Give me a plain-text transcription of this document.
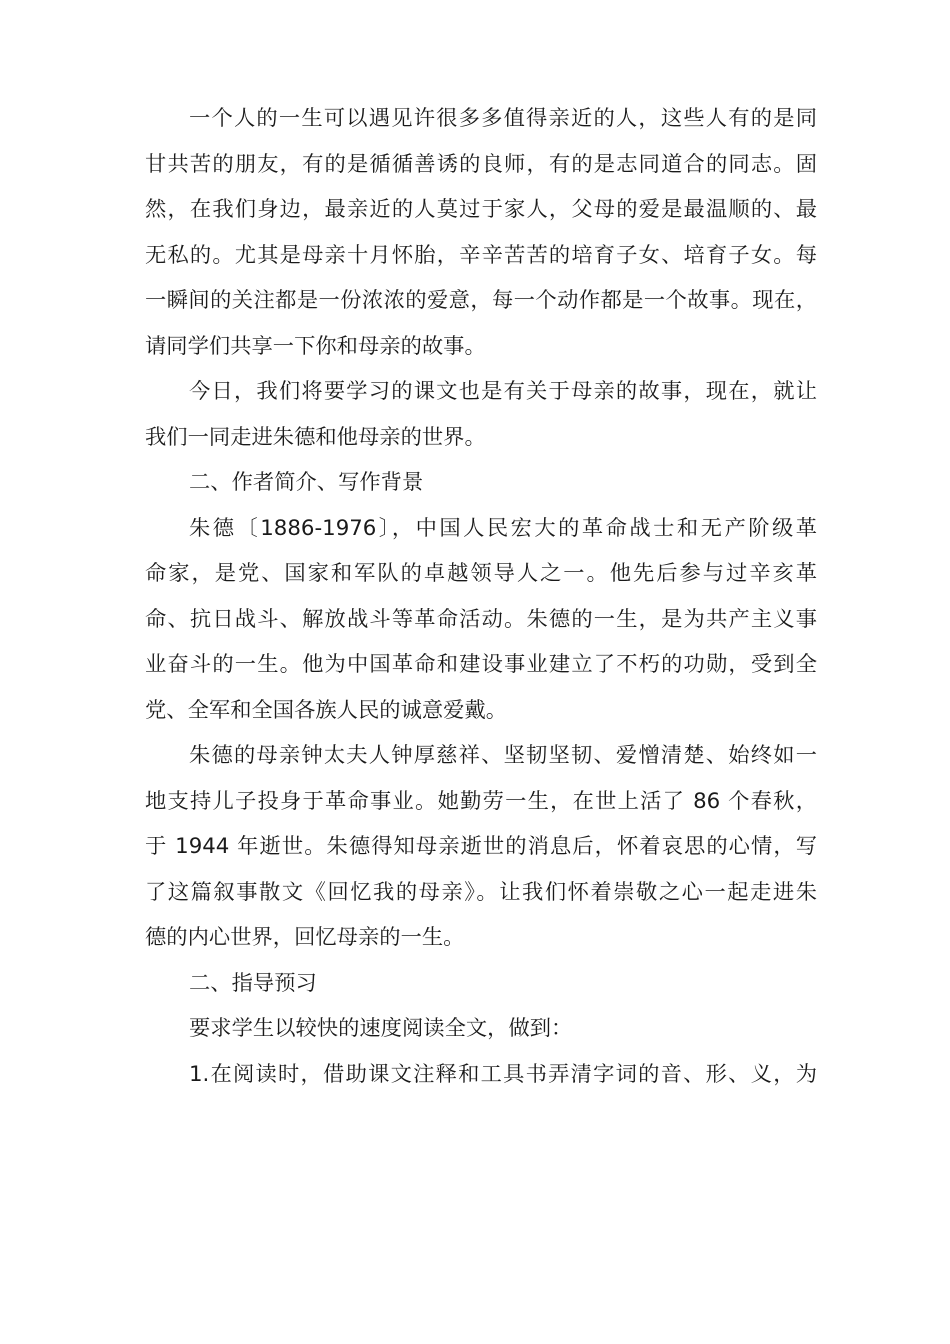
一个人的一生可以遇见许很多多值得亲近的人，这些人有的是同
甘共苦的朋友，有的是循循善诱的良师，有的是志同道合的同志。固
然，在我们身边，最亲近的人莫过于家人，父母的爱是最温顺的、最
无私的。尤其是母亲十月怀胎，辛辛苦苦的培育子女、培育子女。每
一瞬间的关注都是一份浓浓的爱意，每一个动作都是一个故事。现在，
请同学们共享一下你和母亲的故事。
今日，我们将要学习的课文也是有关于母亲的故事，现在，就让
我们一同走进朱德和他母亲的世界。
二、作者简介、写作背景
朱德〔1886-1976〕，中国人民宏大的革命战士和无产阶级革
命家，是党、国家和军队的卓越领导人之一。他先后参与过辛亥革
命、抗日战斗、解放战斗等革命活动。朱德的一生，是为共产主义事
业奋斗的一生。他为中国革命和建设事业建立了不朽的功勋，受到全
党、全军和全国各族人民的诚意爱戴。
朱德的母亲钟太夫人钟厚慈祥、坚韧坚韧、爱憎清楚、始终如一
地支持儿子投身于革命事业。她勤劳一生，在世上活了 86 个春秋，
于 1944 年逝世。朱德得知母亲逝世的消息后，怀着哀思的心情，写
了这篇叙事散文《回忆我的母亲》。让我们怀着崇敬之心一起走进朱
德的内心世界，回忆母亲的一生。
二、指导预习
要求学生以较快的速度阅读全文，做到：
1.在阅读时，借助课文注释和工具书弄清字词的音、形、义，为
